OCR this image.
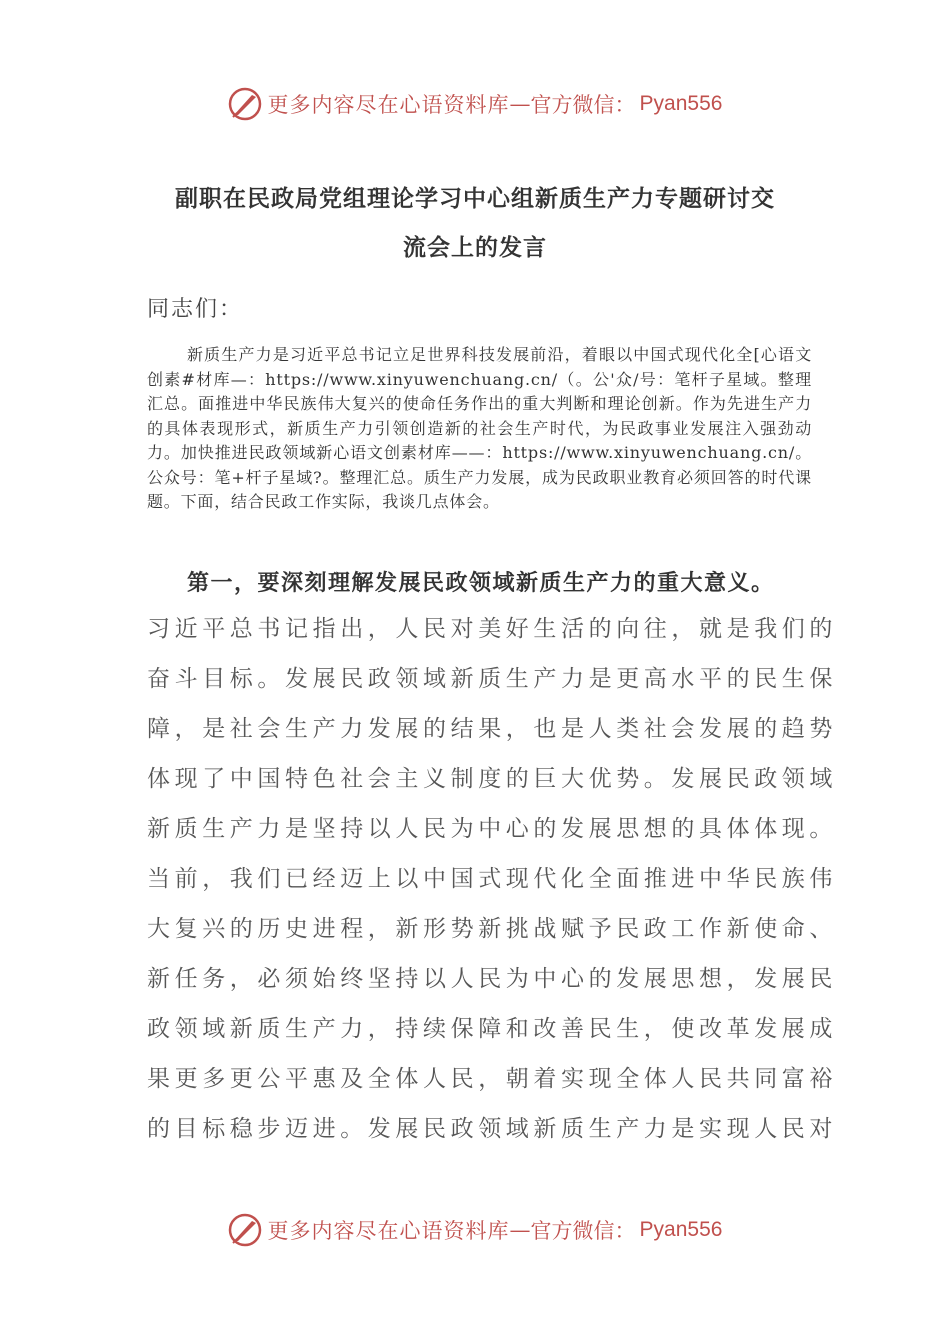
更多内容尽在心语资料库 — 官方微信： Pyan556
副职在民政局党组理论学习中心组新质生产力专题研讨交
流会上的发言
同志们：
新质生产力是习近平总书记立足世界科技发展前沿，着眼以中国式现代化全[心语文创素#材库—：https://www.xinyuwenchuang.cn/（。公'众/号：笔杆子星域。整理汇总。面推进中华民族伟大复兴的使命任务作出的重大判断和理论创新。作为先进生产力的具体表现形式，新质生产力引领创造新的社会生产时代，为民政事业发展注入强劲动力。加快推进民政领域新心语文创素材库——：https://www.xinyuwenchuang.cn/。公众号：笔+杆子星域?。整理汇总。质生产力发展，成为民政职业教育必须回答的时代课题。下面，结合民政工作实际，我谈几点体会。
第一，要深刻理解发展民政领域新质生产力的重大意义。
习近平总书记指出，人民对美好生活的向往，就是我们的
奋斗目标。发展民政领域新质生产力是更高水平的民生保
障，是社会生产力发展的结果，也是人类社会发展的趋势
体现了中国特色社会主义制度的巨大优势。发展民政领域
新质生产力是坚持以人民为中心的发展思想的具体体现。
当前，我们已经迈上以中国式现代化全面推进中华民族伟
大复兴的历史进程，新形势新挑战赋予民政工作新使命、
新任务，必须始终坚持以人民为中心的发展思想，发展民
政领域新质生产力，持续保障和改善民生，使改革发展成
果更多更公平惠及全体人民，朝着实现全体人民共同富裕
的目标稳步迈进。发展民政领域新质生产力是实现人民对
更多内容尽在心语资料库 — 官方微信： Pyan556
